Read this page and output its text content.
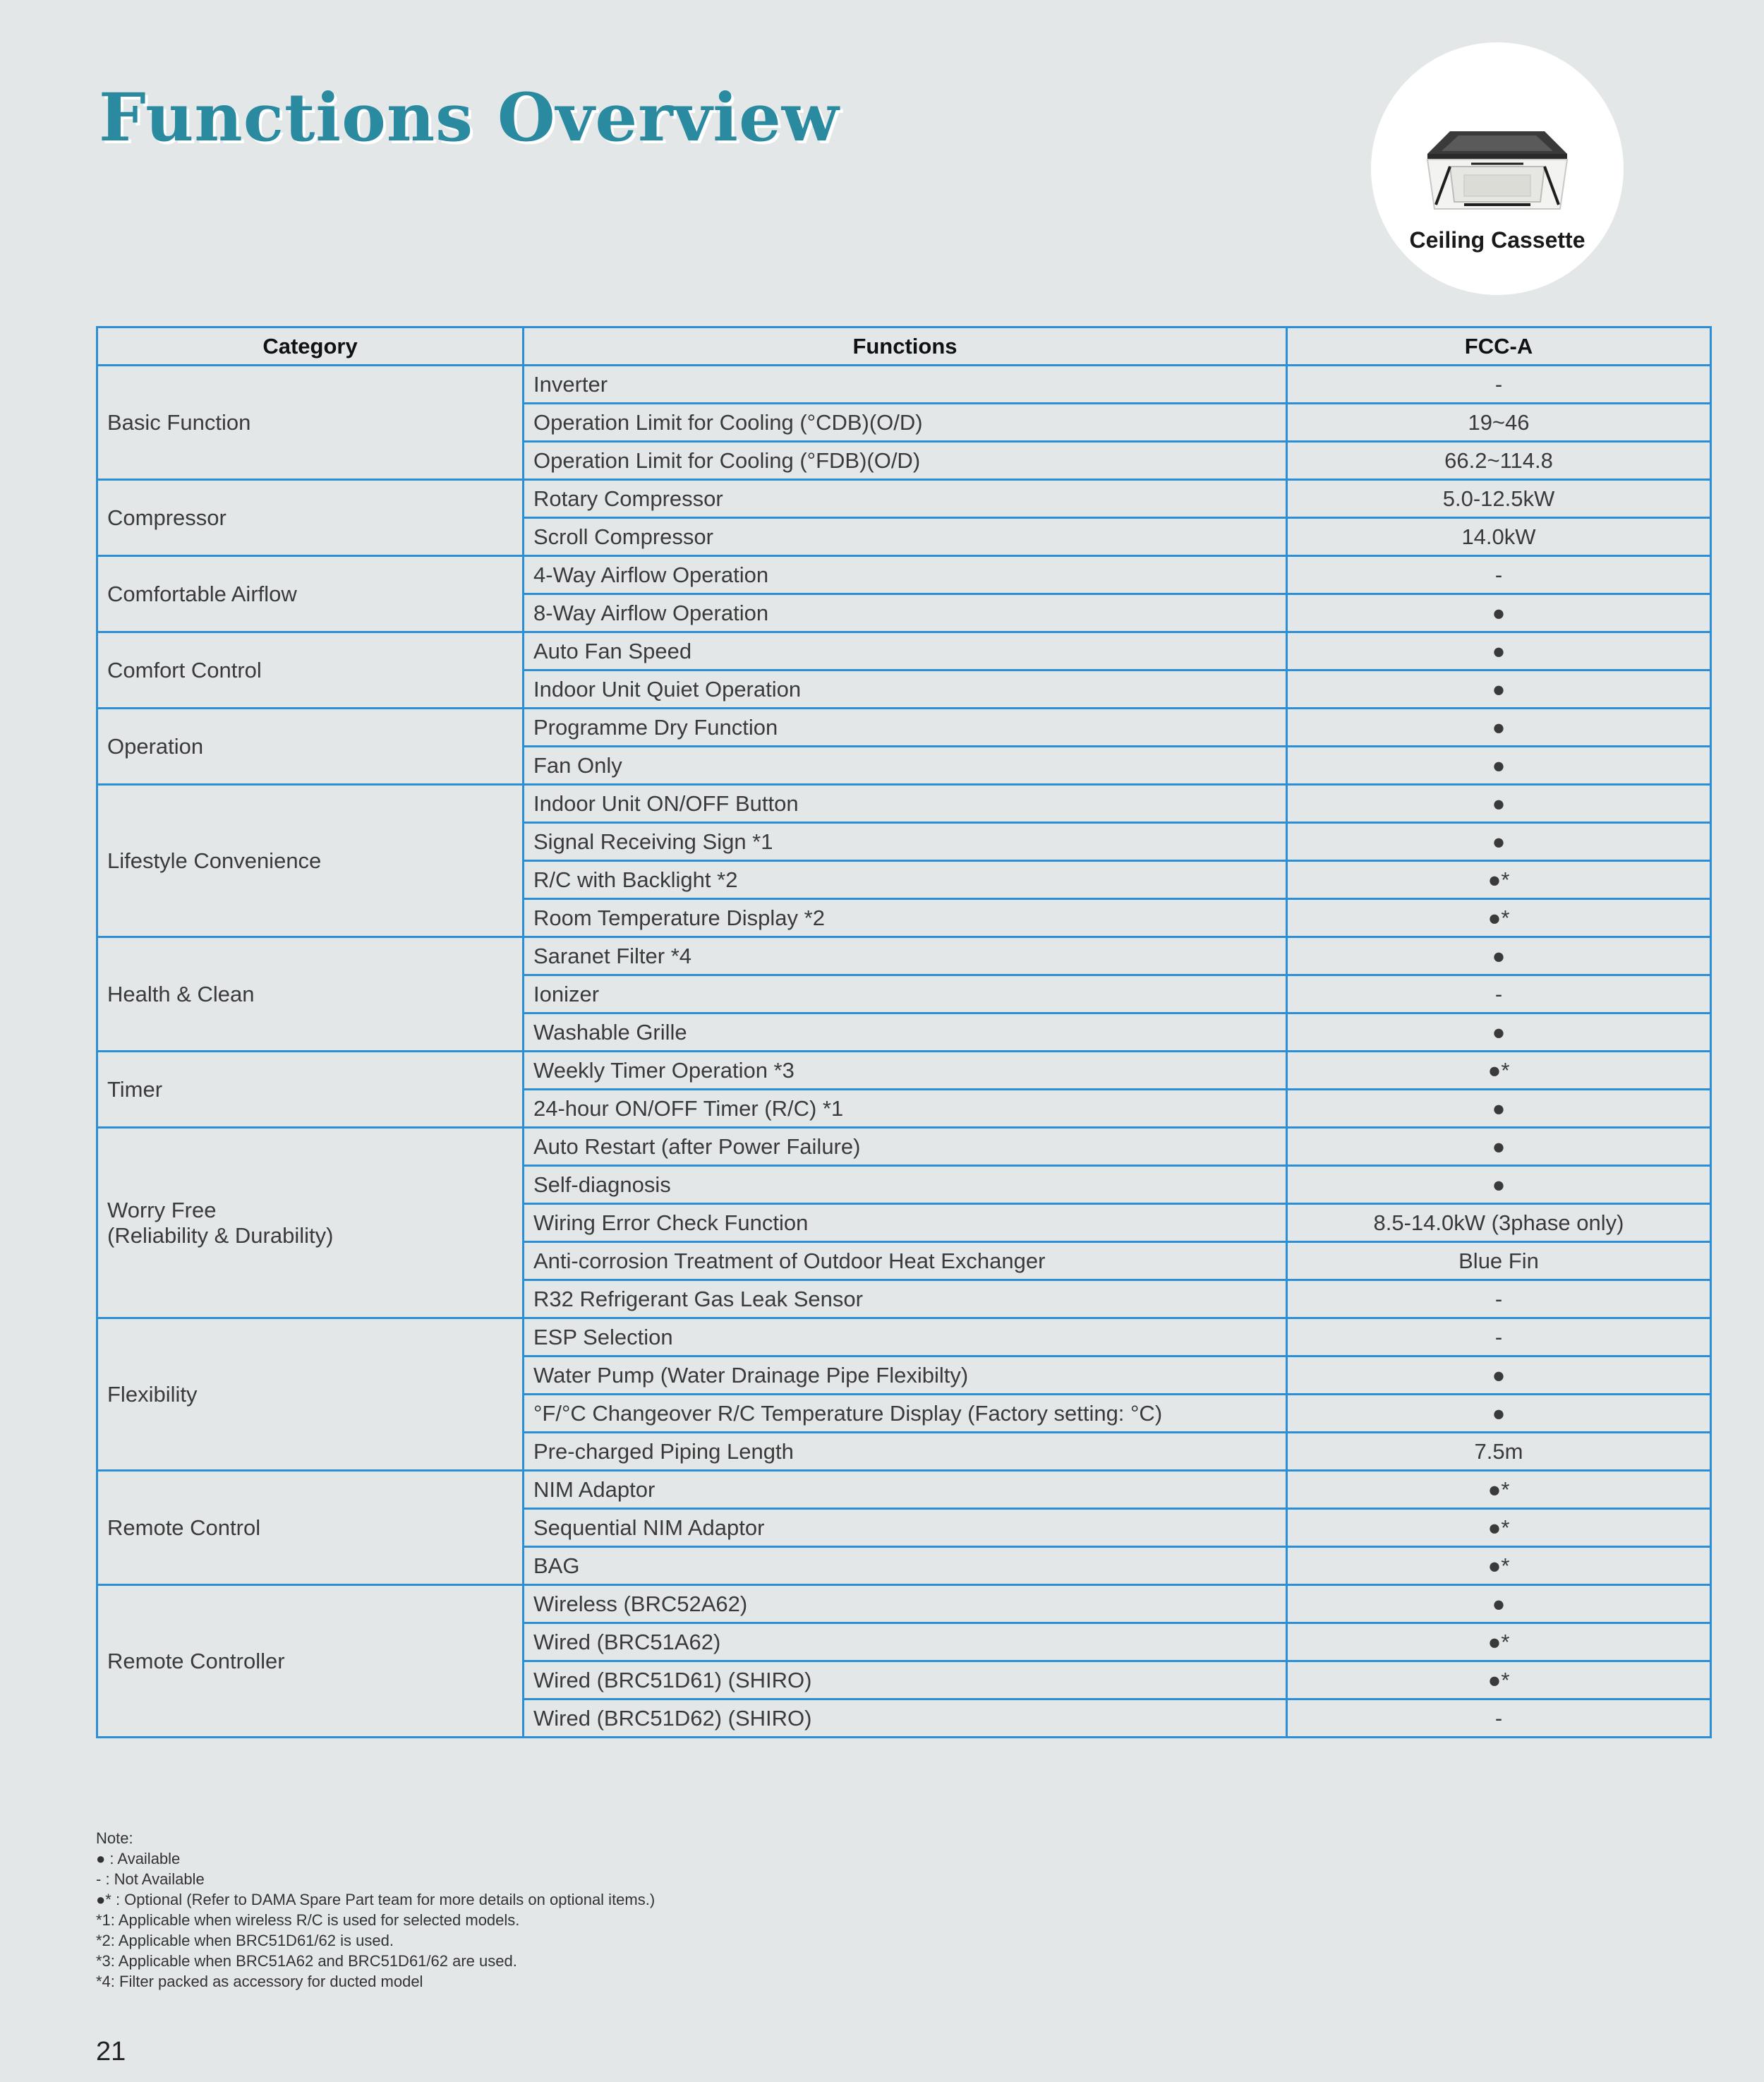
Functions Overview
Ceiling Cassette
Category	Functions	FCC-A

Basic Function	Inverter	-
	Operation Limit for Cooling (°CDB)(O/D)	19~46
	Operation Limit for Cooling (°FDB)(O/D)	66.2~114.8

Compressor	Rotary Compressor	5.0-12.5kW
	Scroll Compressor	14.0kW

Comfortable Airflow	4-Way Airflow Operation	-
	8-Way Airflow Operation	●

Comfort Control	Auto Fan Speed	●
	Indoor Unit Quiet Operation	●

Operation	Programme Dry Function	●
	Fan Only	●

Lifestyle Convenience	Indoor Unit ON/OFF Button	●
	Signal Receiving Sign *1	●
	R/C with Backlight *2	●*
	Room Temperature Display *2	●*

Health & Clean	Saranet Filter *4	●
	Ionizer	-
	Washable Grille	●

Timer	Weekly Timer Operation *3	●*
	24-hour ON/OFF Timer (R/C) *1	●

Worry Free
(Reliability & Durability)	Auto Restart (after Power Failure)	●
	Self-diagnosis	●
	Wiring Error Check Function	8.5-14.0kW (3phase only)
	Anti-corrosion Treatment of Outdoor Heat Exchanger	Blue Fin
	R32 Refrigerant Gas Leak Sensor	-

Flexibility	ESP Selection	-
	Water Pump (Water Drainage Pipe Flexibilty)	●
	°F/°C Changeover R/C Temperature Display (Factory setting: °C)	●
	Pre-charged Piping Length	7.5m

Remote Control	NIM Adaptor	●*
	Sequential NIM Adaptor	●*
	BAG	●*

Remote Controller	Wireless (BRC52A62)	●
	Wired (BRC51A62)	●*
	Wired (BRC51D61) (SHIRO)	●*
	Wired (BRC51D62) (SHIRO)	-
Note:
● : Available
- : Not Available
●* : Optional (Refer to DAMA Spare Part team for more details on optional items.)
*1: Applicable when wireless R/C is used for selected models.
*2: Applicable when BRC51D61/62 is used.
*3: Applicable when BRC51A62 and BRC51D61/62 are used.
*4: Filter packed as accessory for ducted model
21
